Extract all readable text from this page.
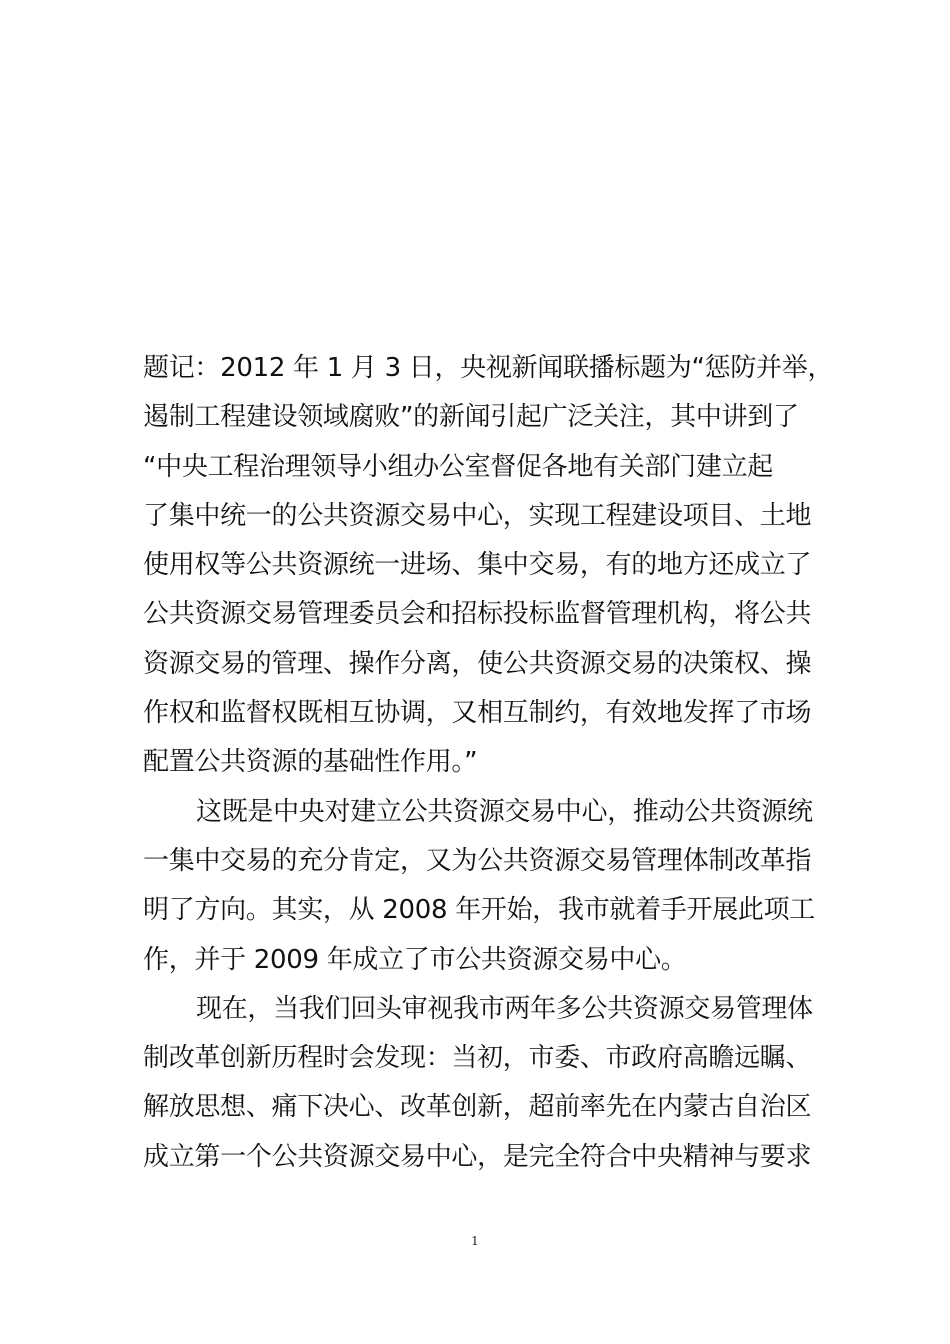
题记：2012 年 1 月 3 日，央视新闻联播标题为“惩防并举，
遏制工程建设领域腐败”的新闻引起广泛关注，其中讲到了
“中央工程治理领导小组办公室督促各地有关部门建立起
了集中统一的公共资源交易中心，实现工程建设项目、土地
使用权等公共资源统一进场、集中交易，有的地方还成立了
公共资源交易管理委员会和招标投标监督管理机构，将公共
资源交易的管理、操作分离，使公共资源交易的决策权、操
作权和监督权既相互协调，又相互制约，有效地发挥了市场
配置公共资源的基础性作用。”
这既是中央对建立公共资源交易中心，推动公共资源统
一集中交易的充分肯定，又为公共资源交易管理体制改革指
明了方向。其实，从 2008 年开始，我市就着手开展此项工
作，并于 2009 年成立了市公共资源交易中心。
现在，当我们回头审视我市两年多公共资源交易管理体
制改革创新历程时会发现：当初，市委、市政府高瞻远瞩、
解放思想、痛下决心、改革创新，超前率先在内蒙古自治区
成立第一个公共资源交易中心，是完全符合中央精神与要求
1
